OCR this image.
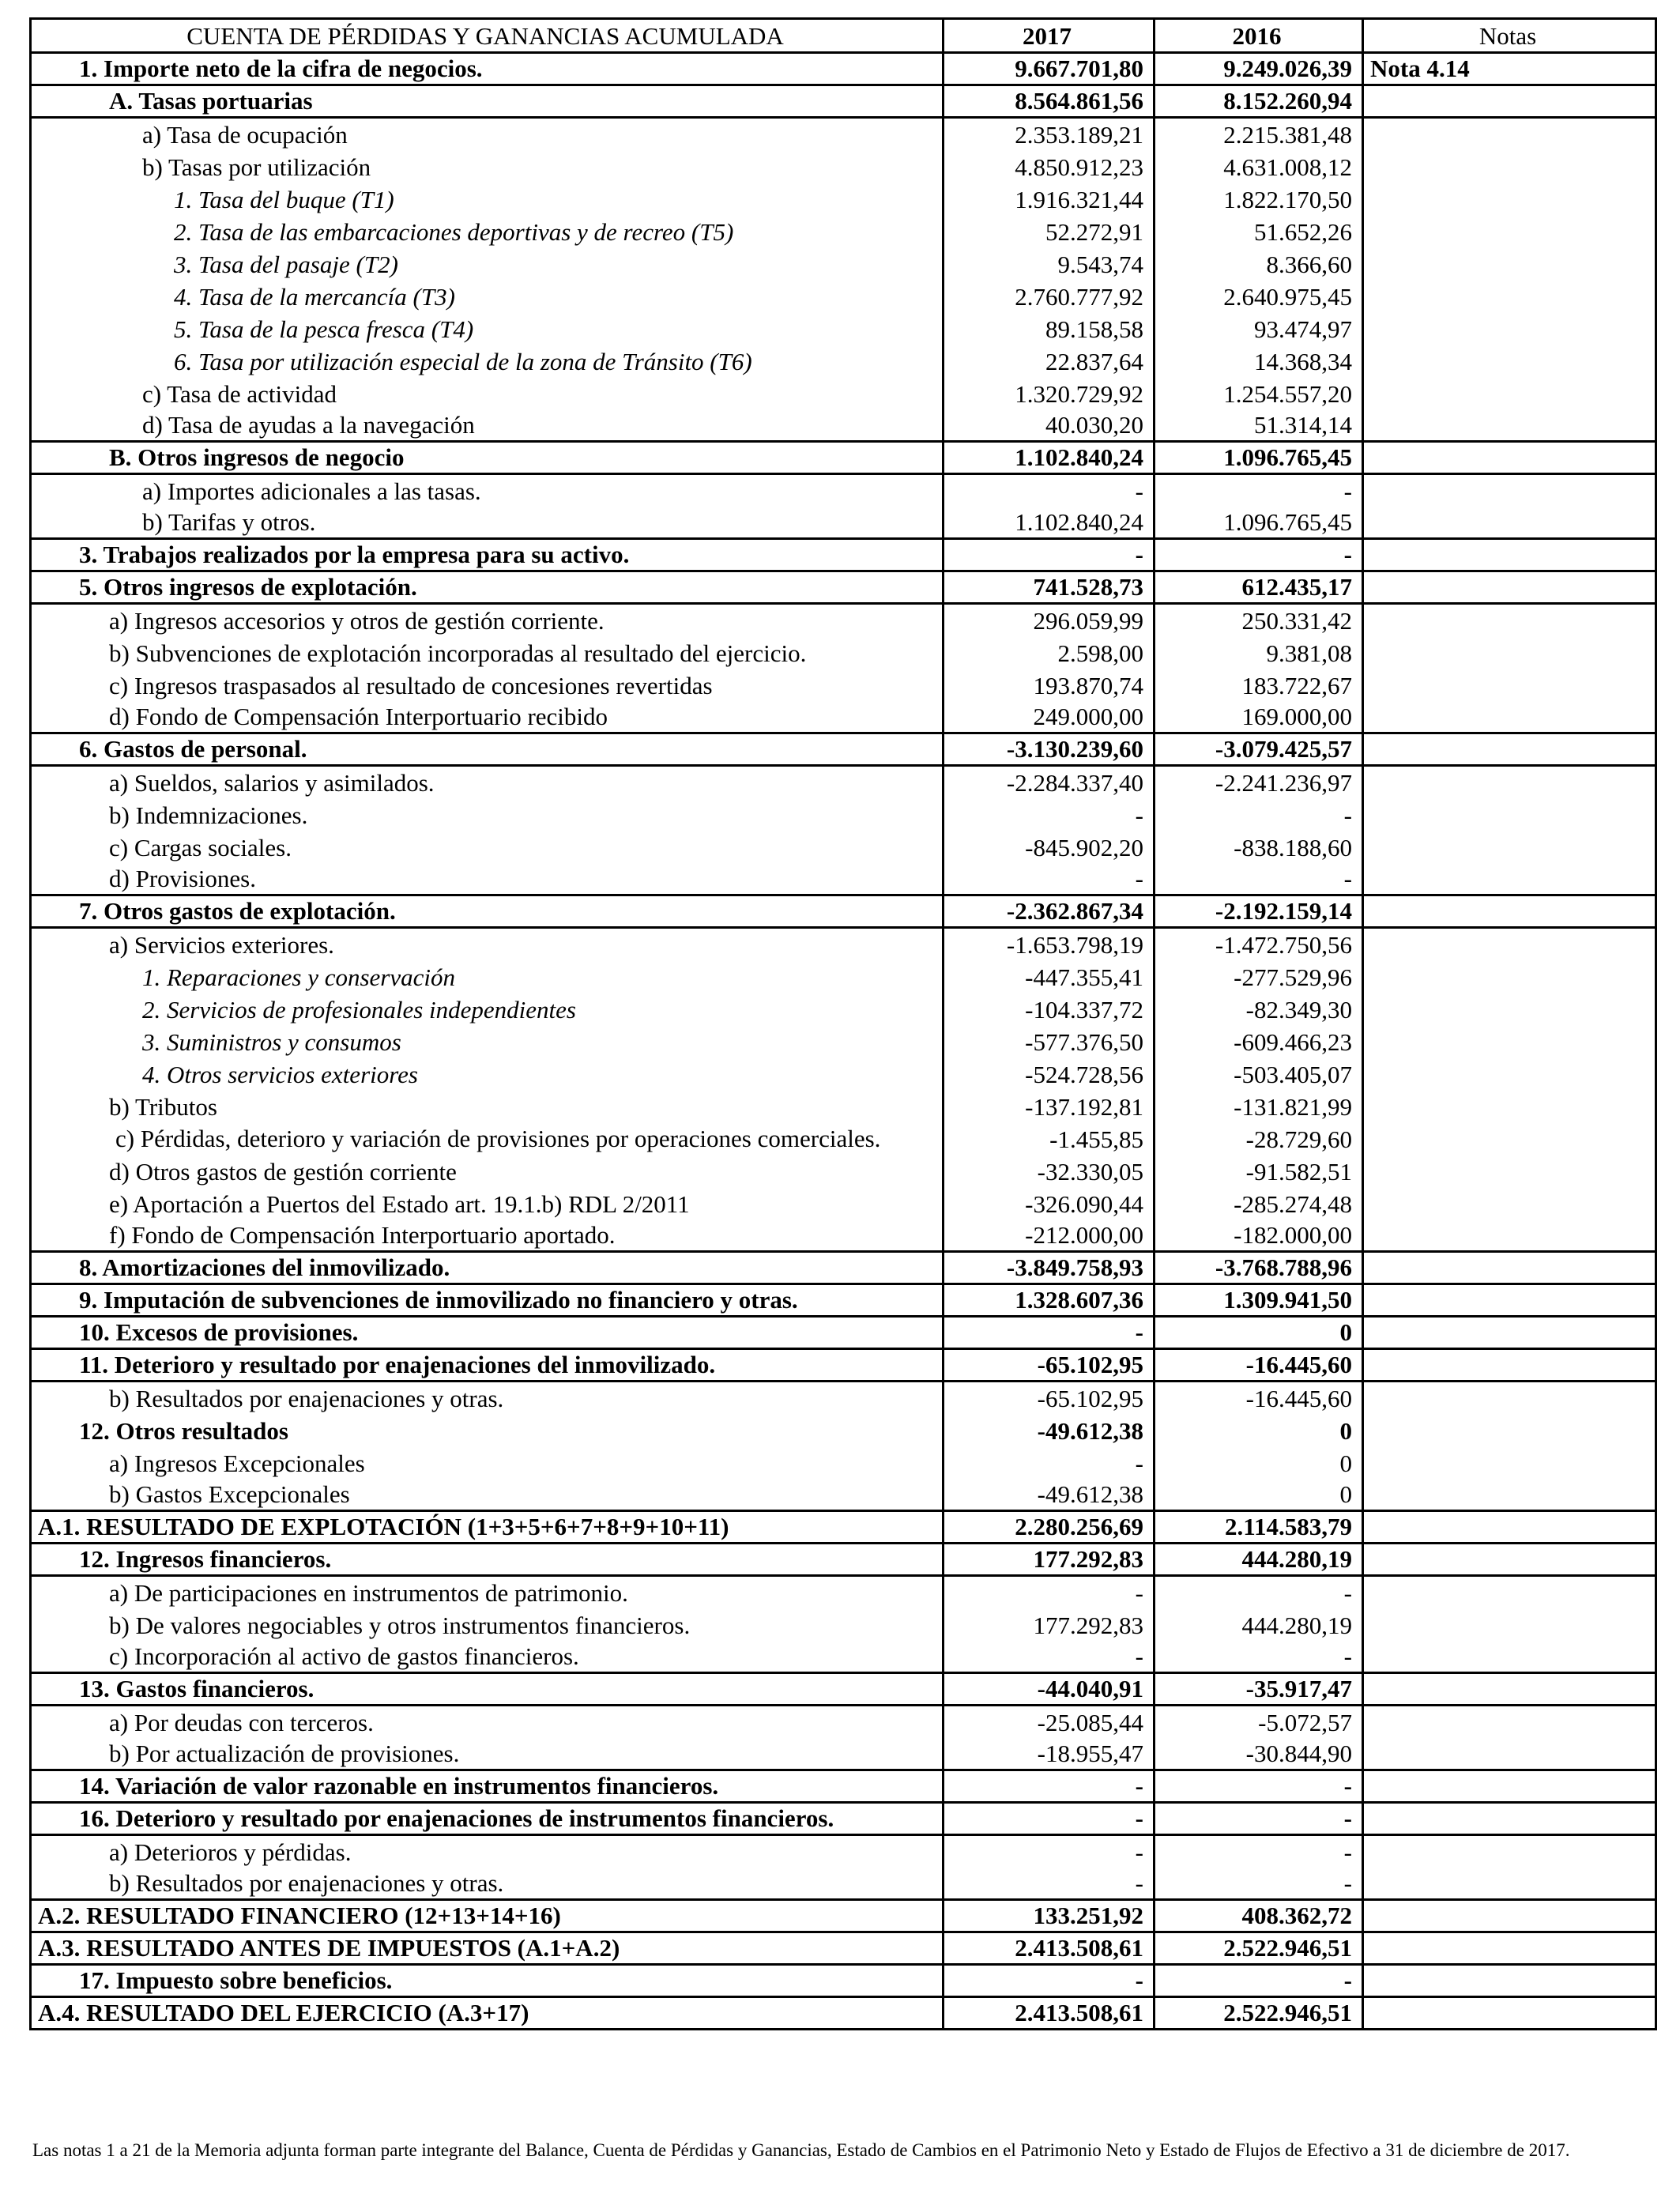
CUENTA DE PÉRDIDAS Y GANANCIAS ACUMULADA	2017	2016	Notas
1. Importe neto de la cifra de negocios.	9.667.701,80	9.249.026,39	Nota 4.14
A. Tasas portuarias	8.564.861,56	8.152.260,94	
a) Tasa de ocupación	2.353.189,21	2.215.381,48	
b) Tasas por utilización	4.850.912,23	4.631.008,12	
1. Tasa del buque (T1)	1.916.321,44	1.822.170,50	
2. Tasa de las embarcaciones deportivas y de recreo (T5)	52.272,91	51.652,26	
3. Tasa del pasaje (T2)	9.543,74	8.366,60	
4. Tasa de la mercancía (T3)	2.760.777,92	2.640.975,45	
5. Tasa de la pesca fresca (T4)	89.158,58	93.474,97	
6. Tasa por utilización especial de la zona de Tránsito (T6)	22.837,64	14.368,34	
c) Tasa de actividad	1.320.729,92	1.254.557,20	
d) Tasa de ayudas a la navegación	40.030,20	51.314,14	
B. Otros ingresos de negocio	1.102.840,24	1.096.765,45	
a) Importes adicionales a las tasas.	-	-	
b) Tarifas y otros.	1.102.840,24	1.096.765,45	
3. Trabajos realizados por la empresa para su activo.	-	-	
5. Otros ingresos de explotación.	741.528,73	612.435,17	
a) Ingresos accesorios y otros de gestión corriente.	296.059,99	250.331,42	
b) Subvenciones de explotación incorporadas al resultado del ejercicio.	2.598,00	9.381,08	
c) Ingresos traspasados al resultado de concesiones revertidas	193.870,74	183.722,67	
d) Fondo de Compensación Interportuario recibido	249.000,00	169.000,00	
6. Gastos de personal.	-3.130.239,60	-3.079.425,57	
a) Sueldos, salarios y asimilados.	-2.284.337,40	-2.241.236,97	
b) Indemnizaciones.	-	-	
c) Cargas sociales.	-845.902,20	-838.188,60	
d) Provisiones.	-	-	
7. Otros gastos de explotación.	-2.362.867,34	-2.192.159,14	
a) Servicios exteriores.	-1.653.798,19	-1.472.750,56	
1. Reparaciones y conservación	-447.355,41	-277.529,96	
2. Servicios de profesionales independientes	-104.337,72	-82.349,30	
3. Suministros y consumos	-577.376,50	-609.466,23	
4. Otros servicios exteriores	-524.728,56	-503.405,07	
b) Tributos	-137.192,81	-131.821,99	
c) Pérdidas, deterioro y variación de provisiones por operaciones comerciales.	-1.455,85	-28.729,60	
d) Otros gastos de gestión corriente	-32.330,05	-91.582,51	
e) Aportación a Puertos del Estado art. 19.1.b) RDL 2/2011	-326.090,44	-285.274,48	
f) Fondo de Compensación Interportuario aportado.	-212.000,00	-182.000,00	
8. Amortizaciones del inmovilizado.	-3.849.758,93	-3.768.788,96	
9. Imputación de subvenciones de inmovilizado no financiero y otras.	1.328.607,36	1.309.941,50	
10. Excesos de provisiones.	-	0	
11. Deterioro y resultado por enajenaciones del inmovilizado.	-65.102,95	-16.445,60	
b) Resultados por enajenaciones y otras.	-65.102,95	-16.445,60	
12. Otros resultados	-49.612,38	0	
a) Ingresos Excepcionales	-	0	
b) Gastos Excepcionales	-49.612,38	0	
A.1. RESULTADO DE EXPLOTACIÓN (1+3+5+6+7+8+9+10+11)	2.280.256,69	2.114.583,79	
12. Ingresos financieros.	177.292,83	444.280,19	
a) De participaciones en instrumentos de patrimonio.	-	-	
b) De valores negociables y otros instrumentos financieros.	177.292,83	444.280,19	
c) Incorporación al activo de gastos financieros.	-	-	
13. Gastos financieros.	-44.040,91	-35.917,47	
a) Por deudas con terceros.	-25.085,44	-5.072,57	
b) Por actualización de provisiones.	-18.955,47	-30.844,90	
14. Variación de valor razonable en instrumentos financieros.	-	-	
16. Deterioro y resultado por enajenaciones de instrumentos financieros.	-	-	
a) Deterioros y pérdidas.	-	-	
b) Resultados por enajenaciones y otras.	-	-	
A.2. RESULTADO FINANCIERO (12+13+14+16)	133.251,92	408.362,72	
A.3. RESULTADO ANTES DE IMPUESTOS (A.1+A.2)	2.413.508,61	2.522.946,51	
17. Impuesto sobre beneficios.	-	-	
A.4. RESULTADO DEL EJERCICIO (A.3+17)	2.413.508,61	2.522.946,51	
Las notas 1 a 21 de la Memoria adjunta forman parte integrante del Balance, Cuenta de Pérdidas y Ganancias, Estado de Cambios en el Patrimonio Neto y Estado de Flujos de Efectivo a 31 de diciembre de 2017.
